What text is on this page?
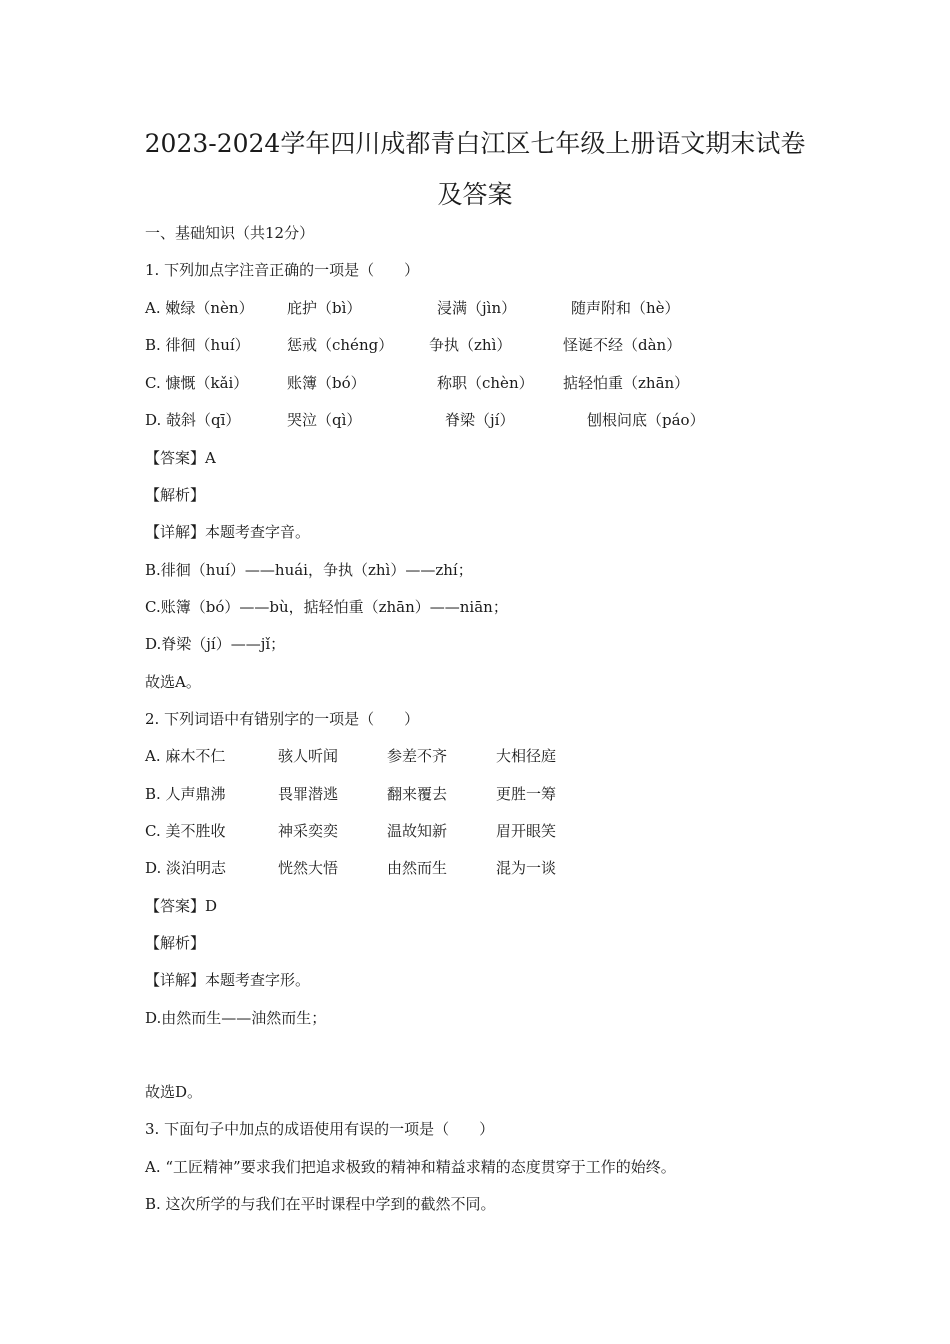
2023-2024学年四川成都青白江区七年级上册语文期末试卷
及答案
一、基础知识（共12分）
1. 下列加点字注音正确的一项是（　　）
A. 嫩绿（nèn） 庇护（bì）	浸满（jìn）	随声附和（hè）
B. 徘徊（huí） 惩戒（chéng） 争执（zhì）	怪诞不经（dàn）
C. 慷慨（kǎi）	账簿（bó）	称职（chèn） 掂轻怕重（zhān）
D. 攲斜（qī）	哭泣（qì）	脊梁（jí）	刨根问底（páo）
【答案】A
【解析】
【详解】本题考查字音。
B.徘徊（huí）——huái，争执（zhì）——zhí；
C.账簿（bó）——bù，掂轻怕重（zhān）——niān；
D.脊梁（jí）——jǐ；
故选A。
2. 下列词语中有错别字的一项是（　　）
A. 麻木不仁	骇人听闻	参差不齐	大相径庭
B. 人声鼎沸	畏罪潜逃	翻来覆去	更胜一筹
C. 美不胜收	神采奕奕	温故知新	眉开眼笑
D. 淡泊明志	恍然大悟	由然而生	混为一谈
【答案】D
【解析】
【详解】本题考查字形。
D.由然而生——油然而生；
故选D。
3. 下面句子中加点的成语使用有误的一项是（　　）
A. “工匠精神”要求我们把追求极致的精神和精益求精的态度贯穿于工作的始终。
B. 这次所学的与我们在平时课程中学到的截然不同。
